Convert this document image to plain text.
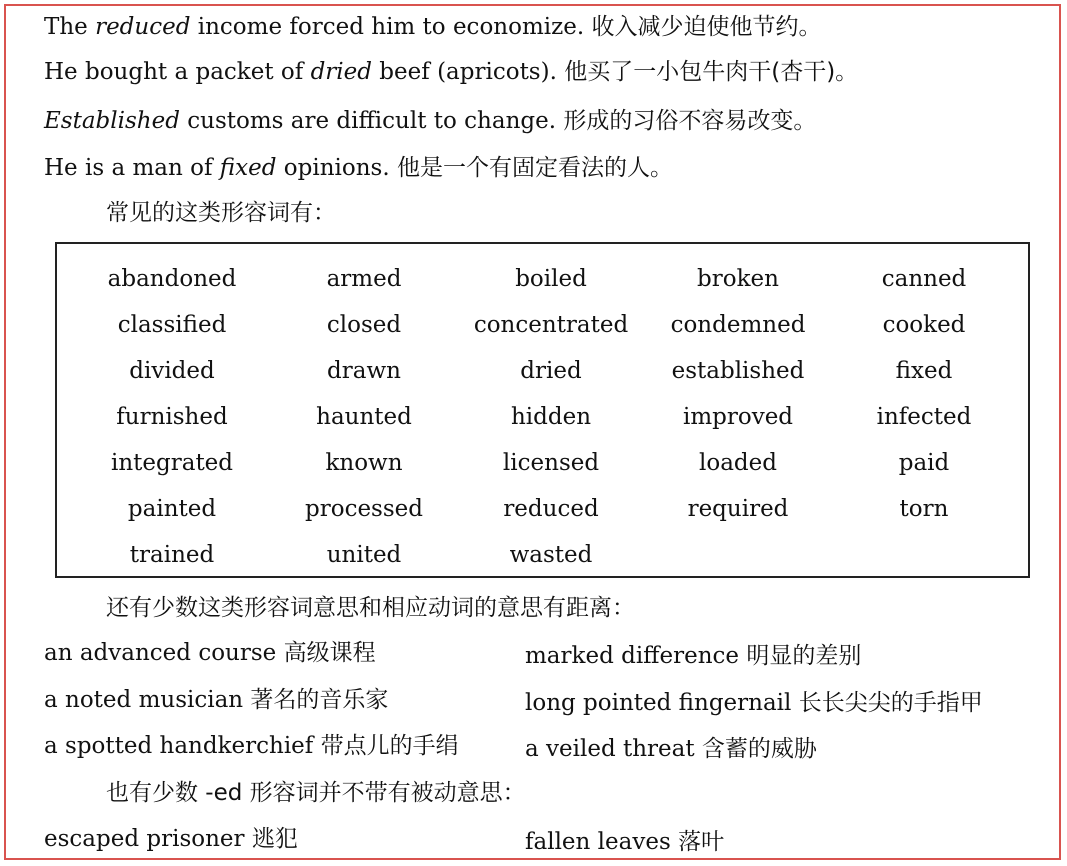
The reduced income forced him to economize. 收入减少迫使他节约。
He bought a packet of dried beef (apricots). 他买了一小包牛肉干(杏干)。
Established customs are difficult to change. 形成的习俗不容易改变。
He is a man of fixed opinions. 他是一个有固定看法的人。
常见的这类形容词有：
abandoned	armed	boiled	broken	canned
classified	closed	concentrated	condemned	cooked
divided	drawn	dried	established	fixed
furnished	haunted	hidden	improved	infected
integrated	known	licensed	loaded	paid
painted	processed	reduced	required	torn
trained	united	wasted
还有少数这类形容词意思和相应动词的意思有距离：
an advanced course 高级课程	marked difference 明显的差别
a noted musician 著名的音乐家	long pointed fingernail 长长尖尖的手指甲
a spotted handkerchief 带点儿的手绢	a veiled threat 含蓄的威胁
也有少数 -ed 形容词并不带有被动意思：
escaped prisoner 逃犯	fallen leaves 落叶
